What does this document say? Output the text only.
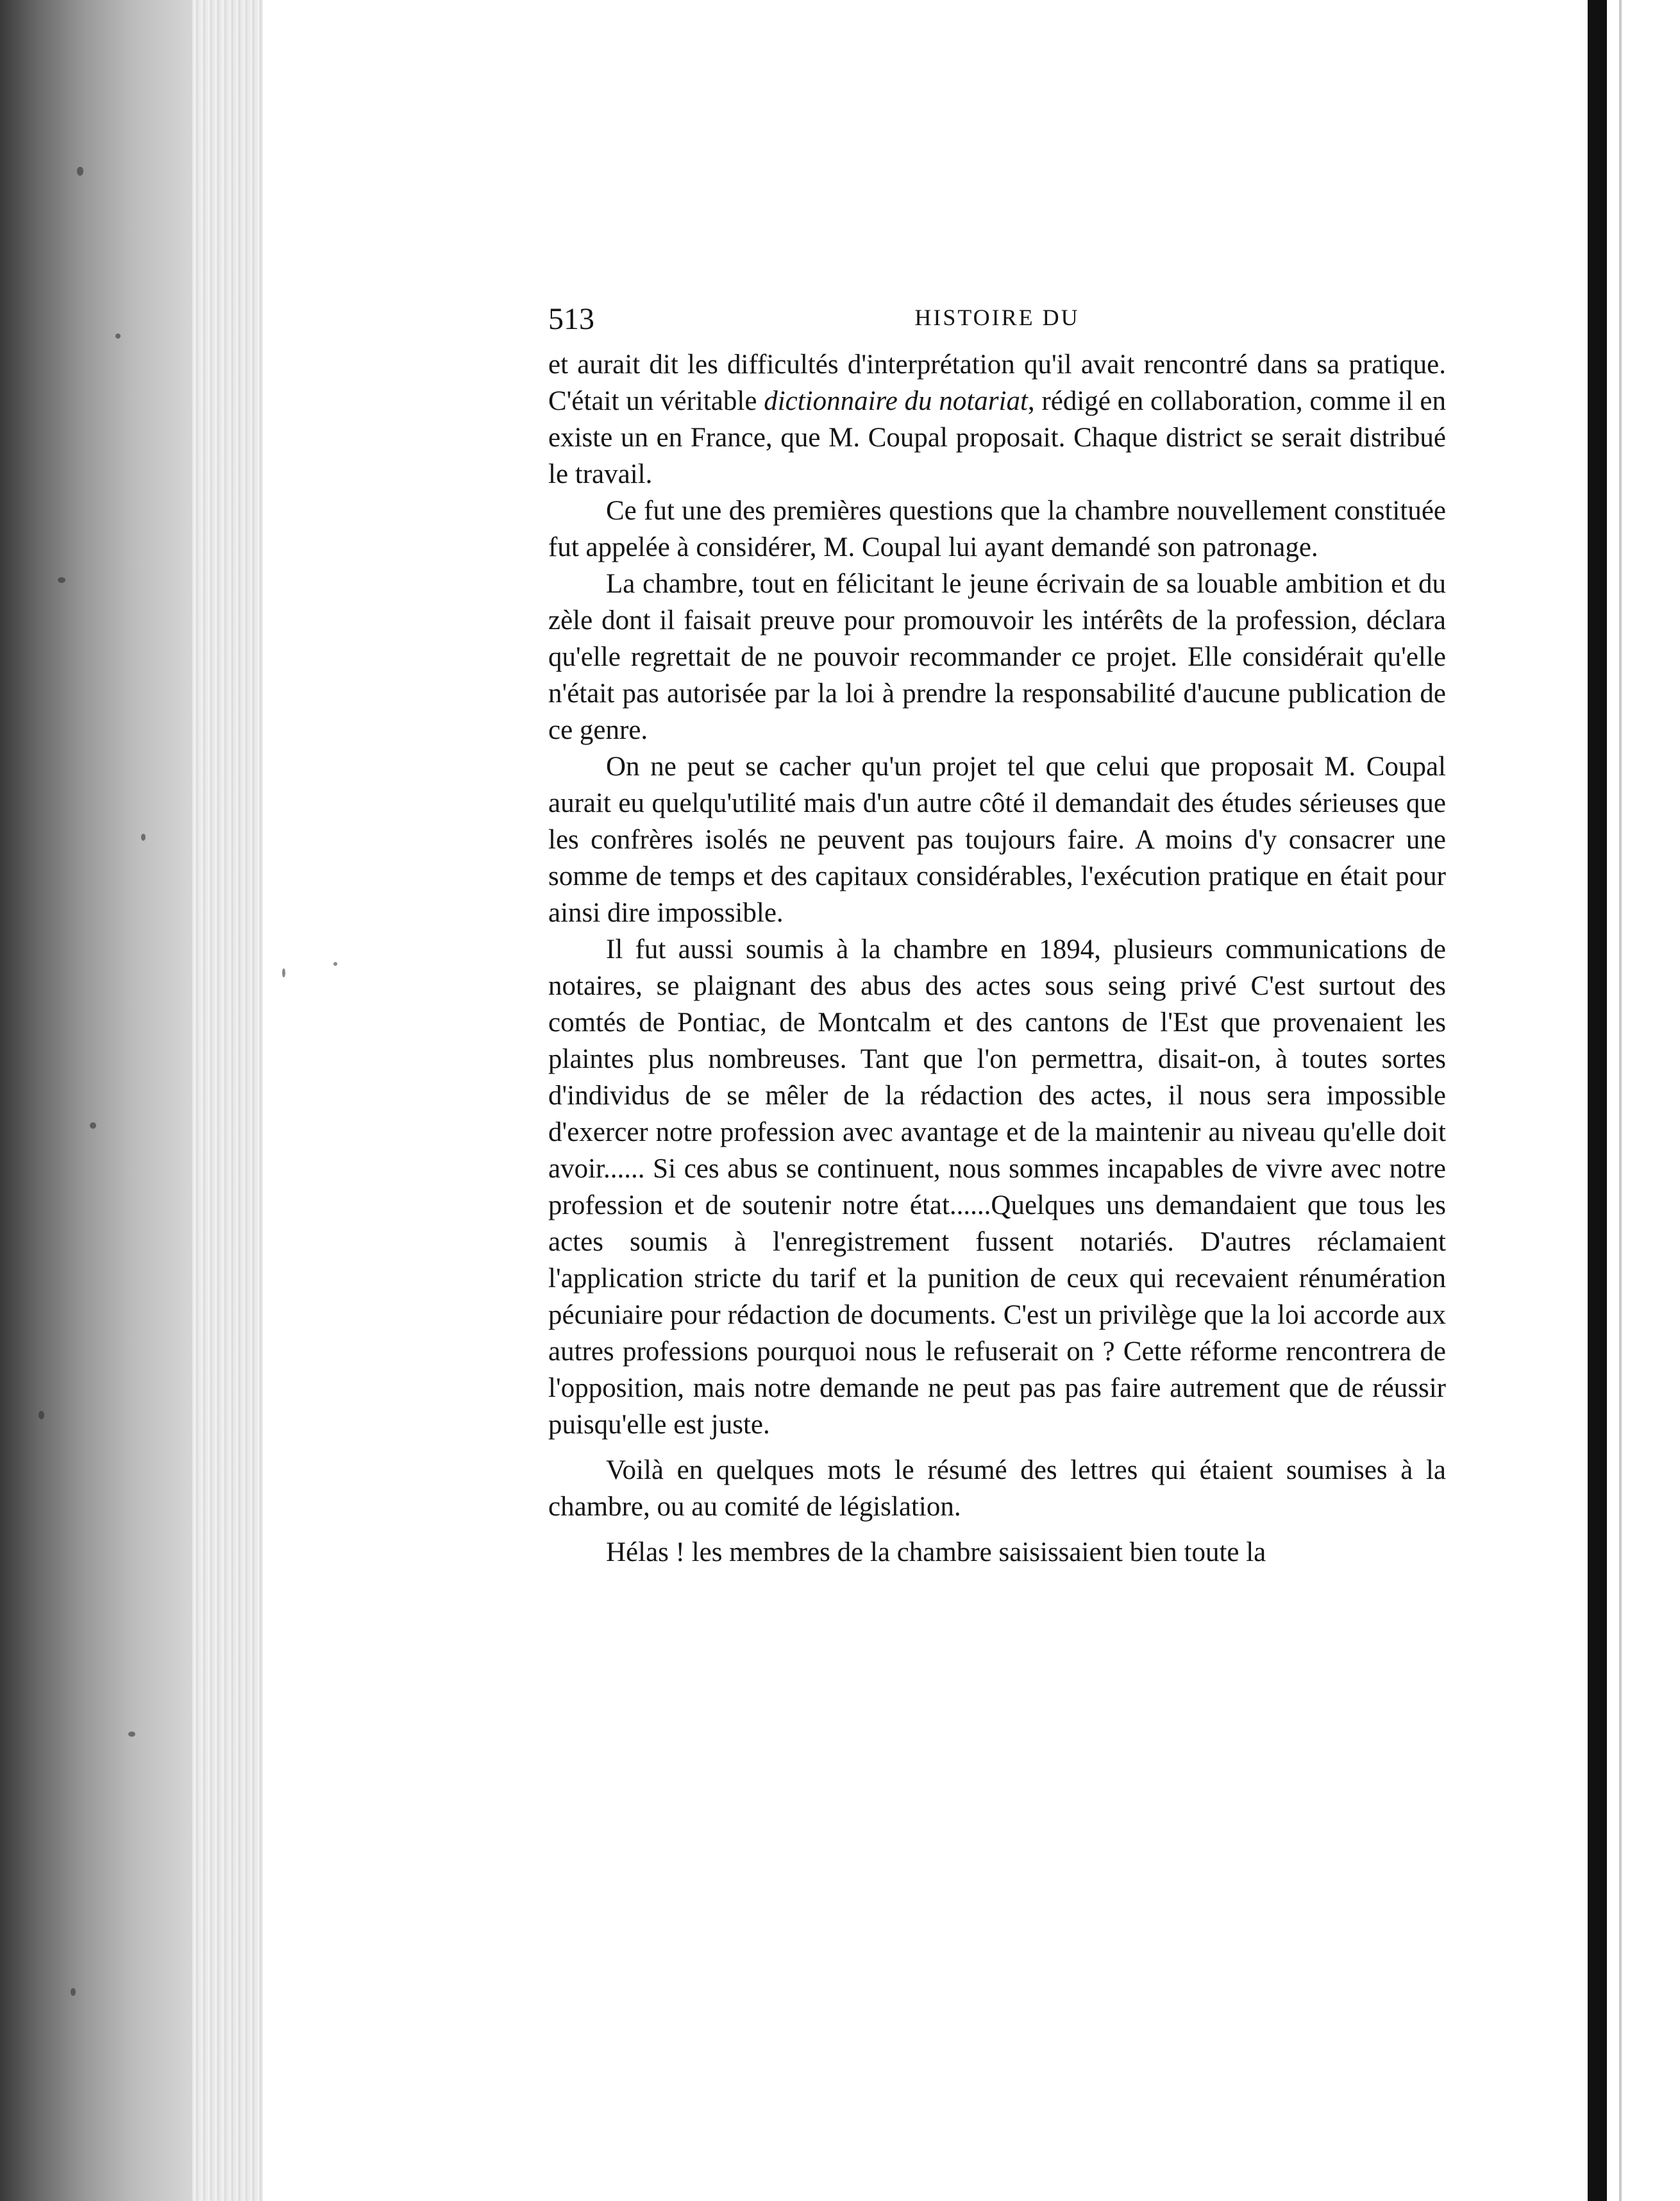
513	HISTOIRE DU

et aurait dit les difficultés d'interprétation qu'il avait rencontré dans sa pratique. C'était un véritable dictionnaire du notariat, rédigé en collaboration, comme il en existe un en France, que M. Coupal proposait. Chaque district se serait distribué le travail.

Ce fut une des premières questions que la chambre nouvellement constituée fut appelée à considérer, M. Coupal lui ayant demandé son patronage.

La chambre, tout en félicitant le jeune écrivain de sa louable ambition et du zèle dont il faisait preuve pour promouvoir les intérêts de la profession, déclara qu'elle regrettait de ne pouvoir recommander ce projet. Elle considérait qu'elle n'était pas autorisée par la loi à prendre la responsabilité d'aucune publication de ce genre.

On ne peut se cacher qu'un projet tel que celui que proposait M. Coupal aurait eu quelqu'utilité mais d'un autre côté il demandait des études sérieuses que les confrères isolés ne peuvent pas toujours faire. A moins d'y consacrer une somme de temps et des capitaux considérables, l'exécution pratique en était pour ainsi dire impossible.

Il fut aussi soumis à la chambre en 1894, plusieurs communications de notaires, se plaignant des abus des actes sous seing privé C'est surtout des comtés de Pontiac, de Montcalm et des cantons de l'Est que provenaient les plaintes plus nombreuses. Tant que l'on permettra, disait-on, à toutes sortes d'individus de se mêler de la rédaction des actes, il nous sera impossible d'exercer notre profession avec avantage et de la maintenir au niveau qu'elle doit avoir...... Si ces abus se continuent, nous sommes incapables de vivre avec notre profession et de soutenir notre état......Quelques uns demandaient que tous les actes soumis à l'enregistrement fussent notariés. D'autres réclamaient l'application stricte du tarif et la punition de ceux qui recevaient rénumération pécuniaire pour rédaction de documents. C'est un privilège que la loi accorde aux autres professions pourquoi nous le refuserait on ? Cette réforme rencontrera de l'opposition, mais notre demande ne peut pas pas faire autrement que de réussir puisqu'elle est juste.

Voilà en quelques mots le résumé des lettres qui étaient soumises à la chambre, ou au comité de législation.

Hélas ! les membres de la chambre saisissaient bien toute la
